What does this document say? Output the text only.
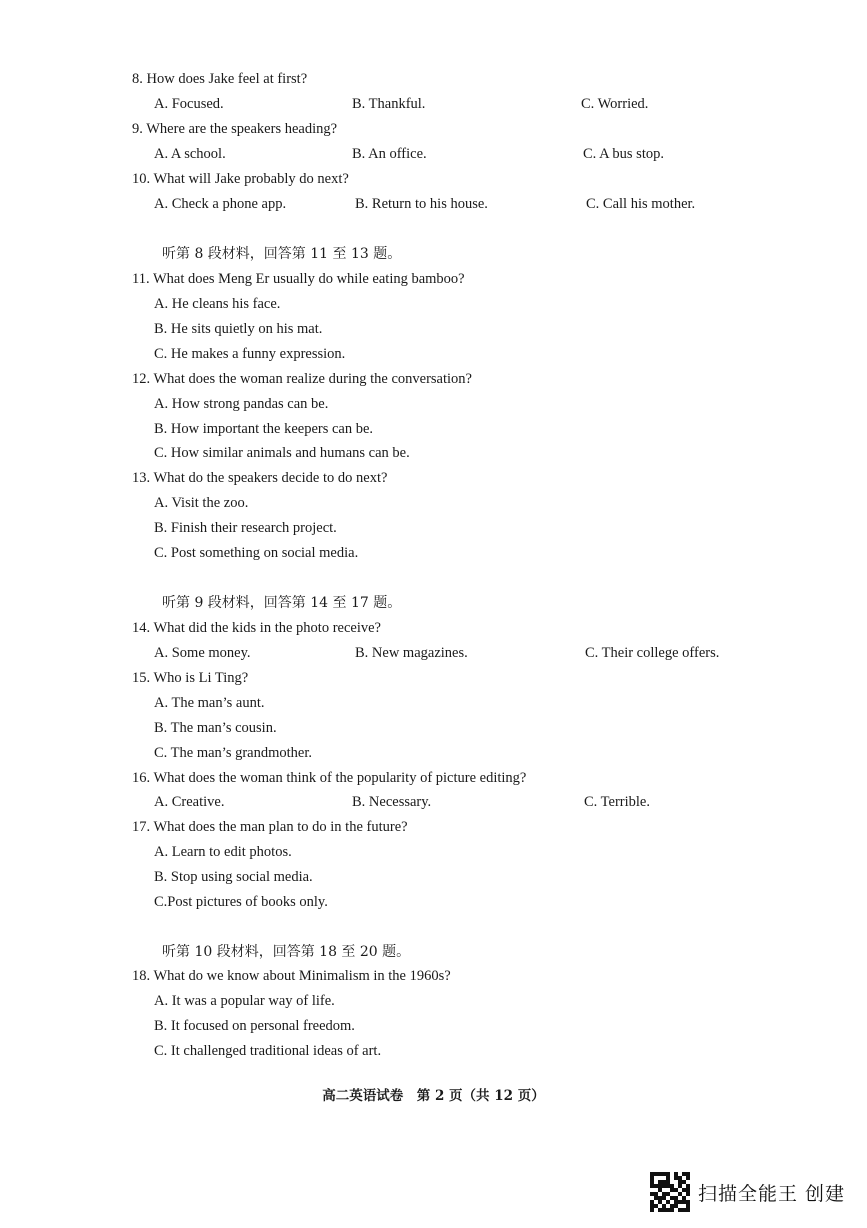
8. How does Jake feel at first?
A. Focused.	B. Thankful.	C. Worried.
9. Where are the speakers heading?
A. A school.	B. An office.	C. A bus stop.
10. What will Jake probably do next?
A. Check a phone app.	B. Return to his house.	C. Call his mother.
听第 8 段材料，回答第 11 至 13 题。
11. What does Meng Er usually do while eating bamboo?
A. He cleans his face.
B. He sits quietly on his mat.
C. He makes a funny expression.
12. What does the woman realize during the conversation?
A. How strong pandas can be.
B. How important the keepers can be.
C. How similar animals and humans can be.
13. What do the speakers decide to do next?
A. Visit the zoo.
B. Finish their research project.
C. Post something on social media.
听第 9 段材料，回答第 14 至 17 题。
14. What did the kids in the photo receive?
A. Some money.	B. New magazines.	C. Their college offers.
15. Who is Li Ting?
A. The man’s aunt.
B. The man’s cousin.
C. The man’s grandmother.
16. What does the woman think of the popularity of picture editing?
A. Creative.	B. Necessary.	C. Terrible.
17. What does the man plan to do in the future?
A. Learn to edit photos.
B. Stop using social media.
C.Post pictures of books only.
听第 10 段材料，回答第 18 至 20 题。
18. What do we know about Minimalism in the 1960s?
A. It was a popular way of life.
B. It focused on personal freedom.
C. It challenged traditional ideas of art.
高二英语试卷　第 2 页（共 12 页）
扫描全能王 创建
